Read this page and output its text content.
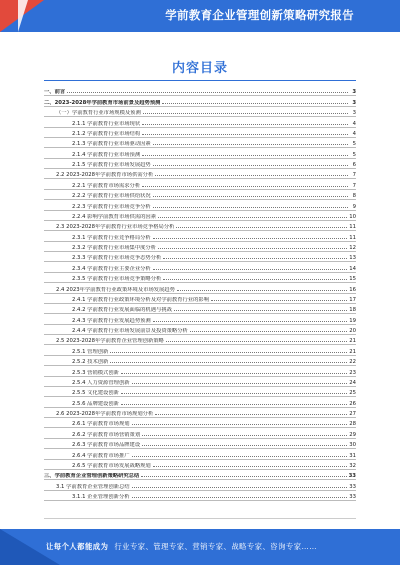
学前教育企业管理创新策略研究报告
内容目录
一、前言	3
二、2023-2028年学前教育市场前景及趋势预测	3
（一）学前教育行业市场规模及预测	3
2.1.1 学前教育行业市场现状	4
2.1.2 学前教育行业市场结构	4
2.1.3 学前教育行业市场驱动因素	5
2.1.4 学前教育行业市场预测	5
2.1.5 学前教育行业市场发展趋势	6
2.2 2023-2028年学前教育市场供需分析	7
2.2.1 学前教育市场需求分析	7
2.2.2 学前教育行业市场供给状况	8
2.2.3 学前教育行业市场竞争分析	9
2.2.4 影响学前教育市场供需的因素	10
2.3 2023-2028年学前教育行业市场竞争格局分析	11
2.3.1 学前教育行业竞争格局分析	11
2.3.2 学前教育行业市场集中度分析	12
2.3.3 学前教育行业市场竞争态势分析	13
2.3.4 学前教育行业主要企业分析	14
2.3.5 学前教育行业市场竞争策略分析	15
2.4 2023年学前教育行业政策环境及市场发展趋势	16
2.4.1 学前教育行业政策环境分析及对学前教育行业的影响	17
2.4.2 学前教育行业发展面临的机遇与挑战	18
2.4.3 学前教育行业发展趋势预测	19
2.4.4 学前教育行业市场发展前景及投资策略分析	20
2.5 2023-2028年学前教育企业管理创新策略	21
2.5.1 管理创新	21
2.5.2 技术创新	22
2.5.3 营销模式创新	23
2.5.4 人力资源管理创新	24
2.5.5 文化建设创新	25
2.5.6 品牌建设创新	26
2.6 2023-2028年学前教育市场规划分析	27
2.6.1 学前教育市场规划	28
2.6.2 学前教育市场营销策划	29
2.6.3 学前教育市场品牌建设	30
2.6.4 学前教育市场推广	31
2.6.5 学前教育市场发展战略规划	32
三、学前教育企业管理创新策略研究总结	33
3.1 学前教育企业管理创新总结	33
3.1.1 企业管理创新分析	33
让每个人都能成为 行业专家、管理专家、营销专家、战略专家、咨询专家……
